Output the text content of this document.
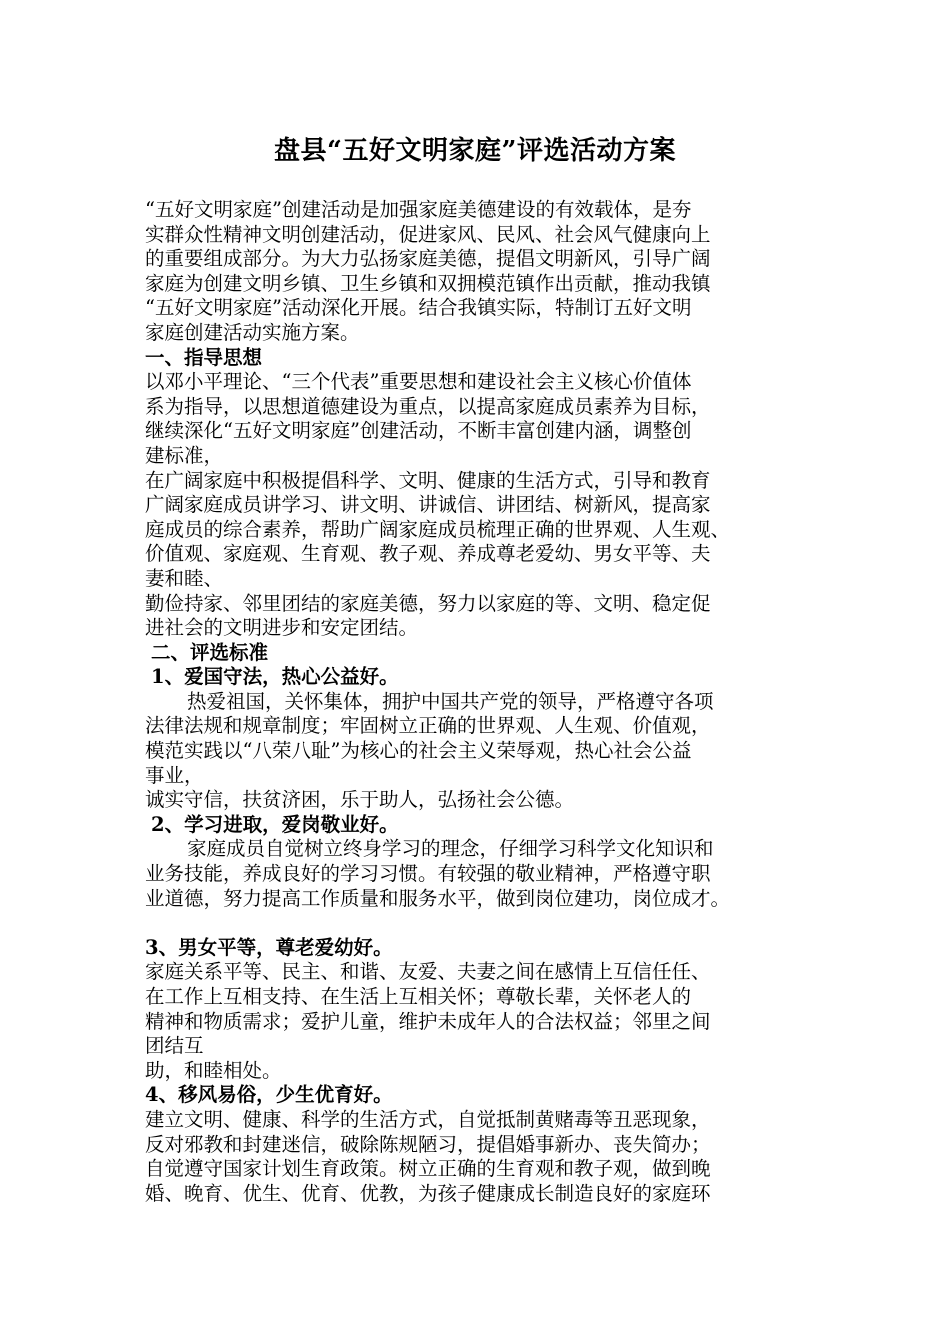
盘县“五好文明家庭”评选活动方案
“五好文明家庭”创建活动是加强家庭美德建设的有效载体，是夯
实群众性精神文明创建活动，促进家风、民风、社会风气健康向上
的重要组成部分。为大力弘扬家庭美德，提倡文明新风，引导广阔
家庭为创建文明乡镇、卫生乡镇和双拥模范镇作出贡献，推动我镇
“五好文明家庭”活动深化开展。结合我镇实际，特制订五好文明
家庭创建活动实施方案。
一、指导思想
以邓小平理论、“三个代表”重要思想和建设社会主义核心价值体
系为指导，以思想道德建设为重点，以提高家庭成员素养为目标，
继续深化“五好文明家庭”创建活动，不断丰富创建内涵，调整创
建标准，
在广阔家庭中积极提倡科学、文明、健康的生活方式，引导和教育
广阔家庭成员讲学习、讲文明、讲诚信、讲团结、树新风，提高家
庭成员的综合素养，帮助广阔家庭成员梳理正确的世界观、人生观、
价值观、家庭观、生育观、教子观、养成尊老爱幼、男女平等、夫
妻和睦、
勤俭持家、邻里团结的家庭美德，努力以家庭的等、文明、稳定促
进社会的文明进步和安定团结。
二、评选标准
1、爱国守法，热心公益好。
热爱祖国，关怀集体，拥护中国共产党的领导，严格遵守各项
法律法规和规章制度；牢固树立正确的世界观、人生观、价值观，
模范实践以“八荣八耻”为核心的社会主义荣辱观，热心社会公益
事业，
诚实守信，扶贫济困，乐于助人，弘扬社会公德。
2、学习进取，爱岗敬业好。
家庭成员自觉树立终身学习的理念，仔细学习科学文化知识和
业务技能，养成良好的学习习惯。有较强的敬业精神，严格遵守职
业道德，努力提高工作质量和服务水平，做到岗位建功，岗位成才。
3、男女平等，尊老爱幼好。
家庭关系平等、民主、和谐、友爱、夫妻之间在感情上互信任任、
在工作上互相支持、在生活上互相关怀；尊敬长辈，关怀老人的
精神和物质需求；爱护儿童，维护未成年人的合法权益；邻里之间
团结互
助，和睦相处。
4、移风易俗，少生优育好。
建立文明、健康、科学的生活方式，自觉抵制黄赌毒等丑恶现象，
反对邪教和封建迷信，破除陈规陋习，提倡婚事新办、丧失简办；
自觉遵守国家计划生育政策。树立正确的生育观和教子观，做到晚
婚、晚育、优生、优育、优教，为孩子健康成长制造良好的家庭环
